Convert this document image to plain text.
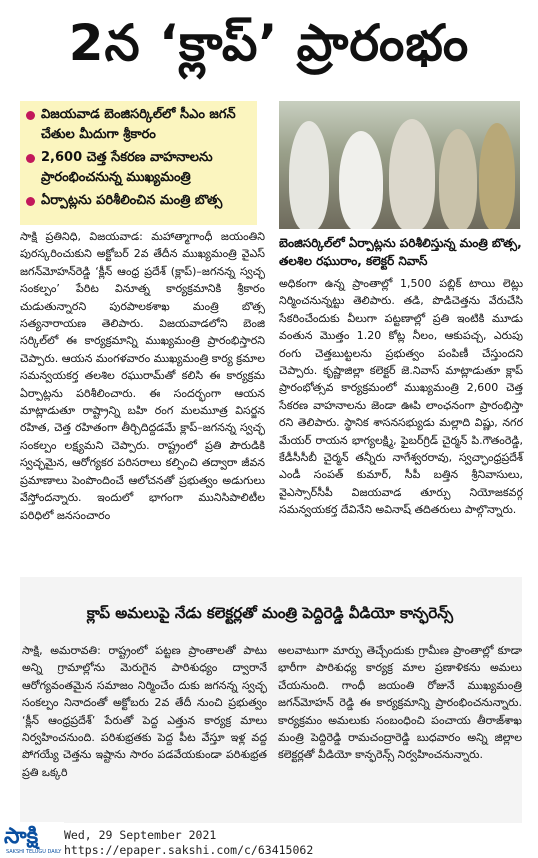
2న ‘క్లాప్’ ప్రారంభం
విజయవాడ బెంజిసర్కిల్‌లో సీఎం జగన్ చేతుల మీదుగా శ్రీకారం
2,600 చెత్త సేకరణ వాహనాలను ప్రారంభించనున్న ముఖ్యమంత్రి
ఏర్పాట్లను పరిశీలించిన మంత్రి బొత్స
బెంజిసర్కిల్‌లో ఏర్పాట్లను పరిశీలిస్తున్న మంత్రి బొత్స, తలశిల రఘురాం, కలెక్టర్ నివాస్
సాక్షి ప్రతినిధి, విజయవాడ: మహాత్మాగాంధీ జయంతిని పురస్కరించుకుని అక్టోబర్ 2వ తేదీన ముఖ్యమంత్రి వైఎస్ జగన్‌మోహన్‌రెడ్డి ‘క్లీన్ ఆంధ్ర ప్రదేశ్ (క్లాప్)–జగనన్న స్వచ్ఛ సంకల్పం’ పేరిట వినూత్న కార్యక్రమానికి శ్రీకారం చుడుతున్నారని పురపాలకశాఖ మంత్రి బొత్స సత్యనారాయణ తెలిపారు. విజయవాడలోని బెంజి సర్కిల్‌లో ఈ కార్యక్రమాన్ని ముఖ్యమంత్రి ప్రారంభిస్తారని చెప్పారు. ఆయన మంగళవారం ముఖ్యమంత్రి కార్య క్రమాల సమన్వయకర్త తలశిల రఘురామ్‌తో కలిసి ఈ కార్యక్రమ ఏర్పాట్లను పరిశీలించారు. ఈ సందర్భంగా ఆయన మాట్లాడుతూ రాష్ట్రాన్ని బహి రంగ మలమూత్ర విసర్జన రహిత, చెత్త రహితంగా తీర్చిదిద్దడమే క్లాప్–జగనన్న స్వచ్ఛ సంకల్పం లక్ష్యమని చెప్పారు. రాష్ట్రంలో ప్రతి పౌరుడికి స్వచ్ఛమైన, ఆరోగ్యకర పరిసరాలు కల్పించి తద్వారా జీవన ప్రమాణాలు పెంపొందించే ఆలోచనతో ప్రభుత్వం అడుగులు వేస్తోందన్నారు. ఇందులో భాగంగా మునిసిపాలిటీల పరిధిలో జనసంచారం
అధికంగా ఉన్న ప్రాంతాల్లో 1,500 పబ్లిక్ టాయి లెట్లు నిర్మించనున్నట్టు తెలిపారు. తడి, పొడిచెత్తను వేరుచేసి సేకరించేందుకు వీలుగా పట్టణాల్లో ప్రతి ఇంటికి మూడు వంతున మొత్తం 1.20 కోట్ల నీలం, ఆకుపచ్చ, ఎరుపు రంగు చెత్తబుట్టలను ప్రభుత్వం పంపిణీ చేస్తుందని చెప్పారు. కృష్ణాజిల్లా కలెక్టర్ జె.నివాస్ మాట్లాడుతూ క్లాప్ ప్రారంభోత్సవ కార్యక్రమంలో ముఖ్యమంత్రి 2,600 చెత్త సేకరణ వాహనాలను జెండా ఊపి లాంఛనంగా ప్రారంభిస్తా రని తెలిపారు. స్థానిక శాసనసభ్యుడు మల్లాది విష్ణు, నగర మేయర్ రాయన భాగ్యలక్ష్మి, ఫైబర్‌గ్రిడ్ చైర్మన్ పి.గౌతంరెడ్డి, కేడీసీసీబీ చైర్మన్ తన్నీరు నాగేశ్వరరావు, స్వచ్ఛాంధ్రప్రదేశ్ ఎండీ సంపత్ కుమార్, సీపీ బత్తిన శ్రీనివాసులు, వైఎస్సార్‌సీపీ విజయవాడ తూర్పు నియోజకవర్గ సమన్వయకర్త దేవినేని అవినాష్ తదితరులు పాల్గొన్నారు.
క్లాప్ అమలుపై నేడు కలెక్టర్లతో మంత్రి పెద్దిరెడ్డి వీడియో కాన్ఫరెన్స్
సాక్షి, అమరావతి: రాష్ట్రంలో పట్టణ ప్రాంతాలతో పాటు అన్ని గ్రామాల్లోను మెరుగైన పారిశుధ్యం ద్వారానే ఆరోగ్యవంతమైన సమాజం నిర్మించేం దుకు జగనన్న స్వచ్ఛ సంకల్పం నినాదంతో అక్టోబరు 2వ తేదీ నుంచి ప్రభుత్వం ‘క్లీన్ ఆంధ్రప్రదేశ్’ పేరుతో పెద్ద ఎత్తున కార్యక్ర మాలు నిర్వహించనుంది. పరిశుభ్రతకు పెద్ద పీట వేస్తూ ఇళ్ల వద్ద పోగయ్యే చెత్తను ఇష్టాను సారం పడవేయకుండా పరిశుభ్రత ప్రతి ఒక్కరి
అలవాటుగా మార్పు తెచ్చేందుకు గ్రామీణ ప్రాంతాల్లో కూడా భారీగా పారిశుధ్య కార్యక్ర మాల ప్రణాళికను అమలు చేయనుంది. గాంధీ జయంతి రోజునే ముఖ్యమంత్రి జగన్‌మోహన్ రెడ్డి ఈ కార్యక్రమాన్ని ప్రారంభించనున్నారు. కార్యక్రమం అమలుకు సంబంధించి పంచాయ తీరాజ్‌శాఖ మంత్రి పెద్దిరెడ్డి రామచంద్రారెడ్డి బుధవారం అన్ని జిల్లాల కలెక్టర్లతో వీడియో కాన్ఫరెన్స్ నిర్వహించనున్నారు.
సాక్షి
SAKSHI TELUGU DAILY
Wed, 29 September 2021
https://epaper.sakshi.com/c/63415062
